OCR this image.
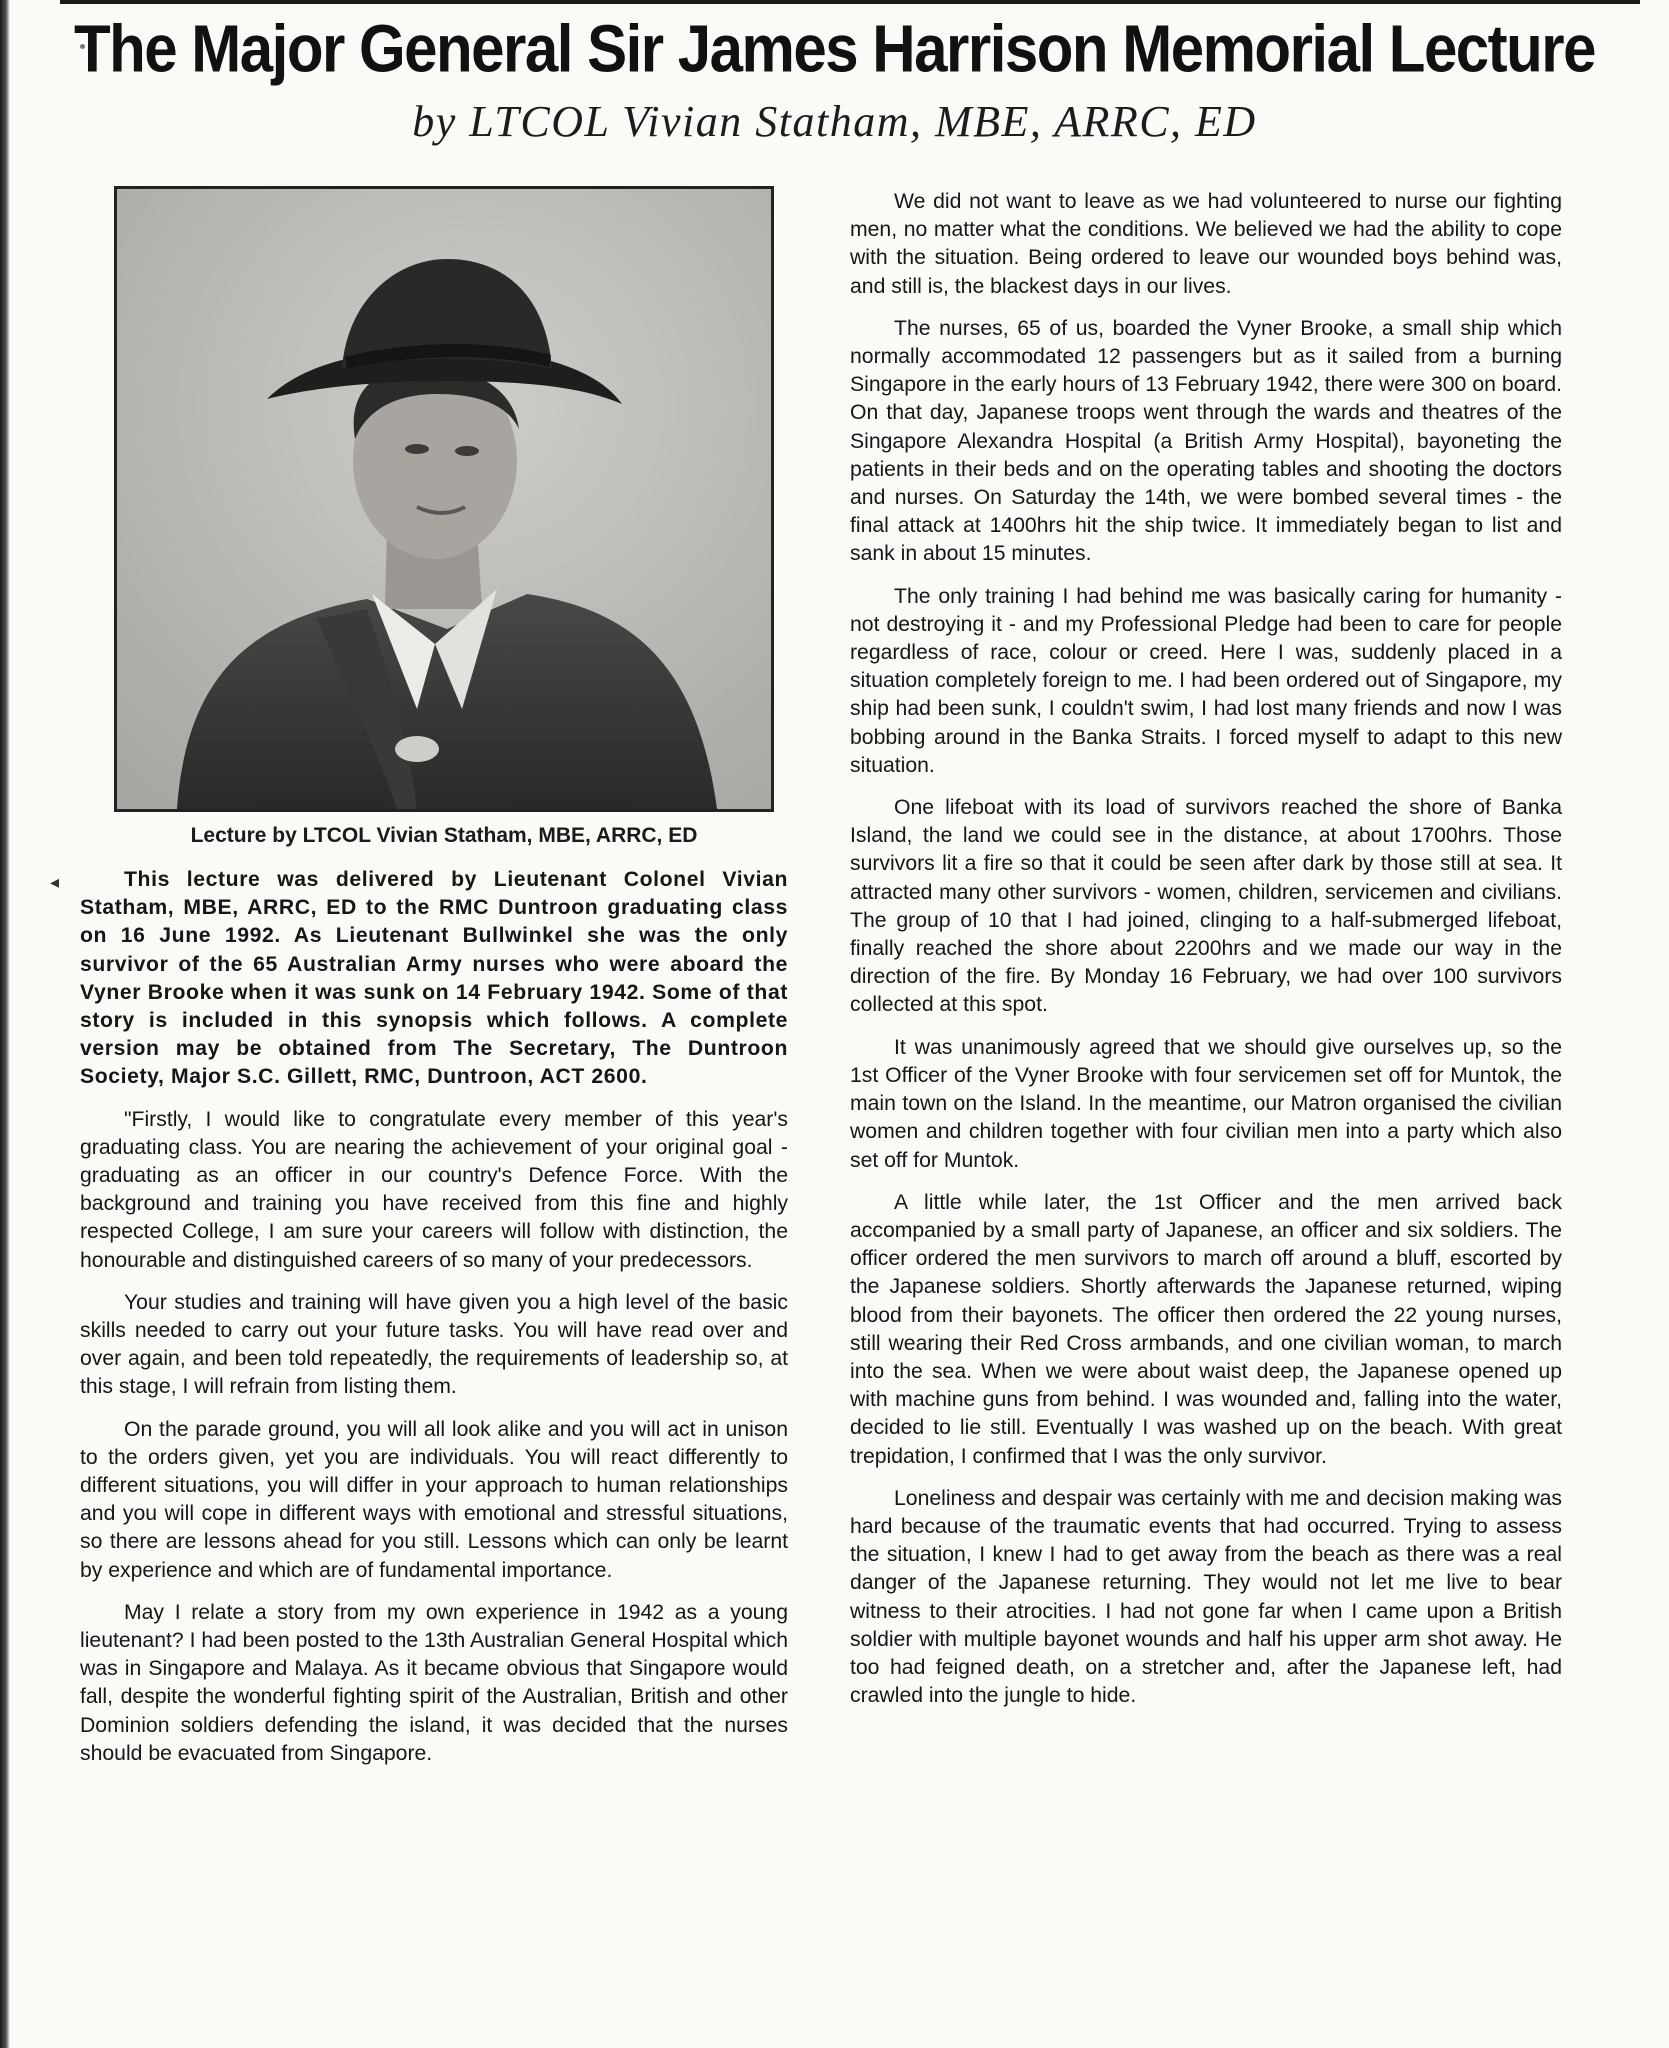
The Major General Sir James Harrison Memorial Lecture
by LTCOL Vivian Statham, MBE, ARRC, ED
Lecture by LTCOL Vivian Statham, MBE, ARRC, ED
◂	This lecture was delivered by Lieutenant Colonel Vivian Statham, MBE, ARRC, ED to the RMC Duntroon graduating class on 16 June 1992. As Lieutenant Bullwinkel she was the only survivor of the 65 Australian Army nurses who were aboard the Vyner Brooke when it was sunk on 14 February 1942. Some of that story is included in this synopsis which follows. A complete version may be obtained from The Secretary, The Duntroon Society, Major S.C. Gillett, RMC, Duntroon, ACT 2600.

"Firstly, I would like to congratulate every member of this year's graduating class. You are nearing the achievement of your original goal - graduating as an officer in our country's Defence Force. With the background and training you have received from this fine and highly respected College, I am sure your careers will follow with distinction, the honourable and distinguished careers of so many of your predecessors.

Your studies and training will have given you a high level of the basic skills needed to carry out your future tasks. You will have read over and over again, and been told repeatedly, the requirements of leadership so, at this stage, I will refrain from listing them.

On the parade ground, you will all look alike and you will act in unison to the orders given, yet you are individuals. You will react differently to different situations, you will differ in your approach to human relationships and you will cope in different ways with emotional and stressful situations, so there are lessons ahead for you still. Lessons which can only be learnt by experience and which are of fundamental importance.

May I relate a story from my own experience in 1942 as a young lieutenant? I had been posted to the 13th Australian General Hospital which was in Singapore and Malaya. As it became obvious that Singapore would fall, despite the wonderful fighting spirit of the Australian, British and other Dominion soldiers defending the island, it was decided that the nurses should be evacuated from Singapore.

We did not want to leave as we had volunteered to nurse our fighting men, no matter what the conditions. We believed we had the ability to cope with the situation. Being ordered to leave our wounded boys behind was, and still is, the blackest days in our lives.

The nurses, 65 of us, boarded the Vyner Brooke, a small ship which normally accommodated 12 passengers but as it sailed from a burning Singapore in the early hours of 13 February 1942, there were 300 on board. On that day, Japanese troops went through the wards and theatres of the Singapore Alexandra Hospital (a British Army Hospital), bayoneting the patients in their beds and on the operating tables and shooting the doctors and nurses. On Saturday the 14th, we were bombed several times - the final attack at 1400hrs hit the ship twice. It immediately began to list and sank in about 15 minutes.

The only training I had behind me was basically caring for humanity - not destroying it - and my Professional Pledge had been to care for people regardless of race, colour or creed. Here I was, suddenly placed in a situation completely foreign to me. I had been ordered out of Singapore, my ship had been sunk, I couldn't swim, I had lost many friends and now I was bobbing around in the Banka Straits. I forced myself to adapt to this new situation.

One lifeboat with its load of survivors reached the shore of Banka Island, the land we could see in the distance, at about 1700hrs. Those survivors lit a fire so that it could be seen after dark by those still at sea. It attracted many other survivors - women, children, servicemen and civilians. The group of 10 that I had joined, clinging to a half-submerged lifeboat, finally reached the shore about 2200hrs and we made our way in the direction of the fire. By Monday 16 February, we had over 100 survivors collected at this spot.

It was unanimously agreed that we should give ourselves up, so the 1st Officer of the Vyner Brooke with four servicemen set off for Muntok, the main town on the Island. In the meantime, our Matron organised the civilian women and children together with four civilian men into a party which also set off for Muntok.

A little while later, the 1st Officer and the men arrived back accompanied by a small party of Japanese, an officer and six soldiers. The officer ordered the men survivors to march off around a bluff, escorted by the Japanese soldiers. Shortly afterwards the Japanese returned, wiping blood from their bayonets. The officer then ordered the 22 young nurses, still wearing their Red Cross armbands, and one civilian woman, to march into the sea. When we were about waist deep, the Japanese opened up with machine guns from behind. I was wounded and, falling into the water, decided to lie still. Eventually I was washed up on the beach. With great trepidation, I confirmed that I was the only survivor.

Loneliness and despair was certainly with me and decision making was hard because of the traumatic events that had occurred. Trying to assess the situation, I knew I had to get away from the beach as there was a real danger of the Japanese returning. They would not let me live to bear witness to their atrocities. I had not gone far when I came upon a British soldier with multiple bayonet wounds and half his upper arm shot away. He too had feigned death, on a stretcher and, after the Japanese left, had crawled into the jungle to hide.
